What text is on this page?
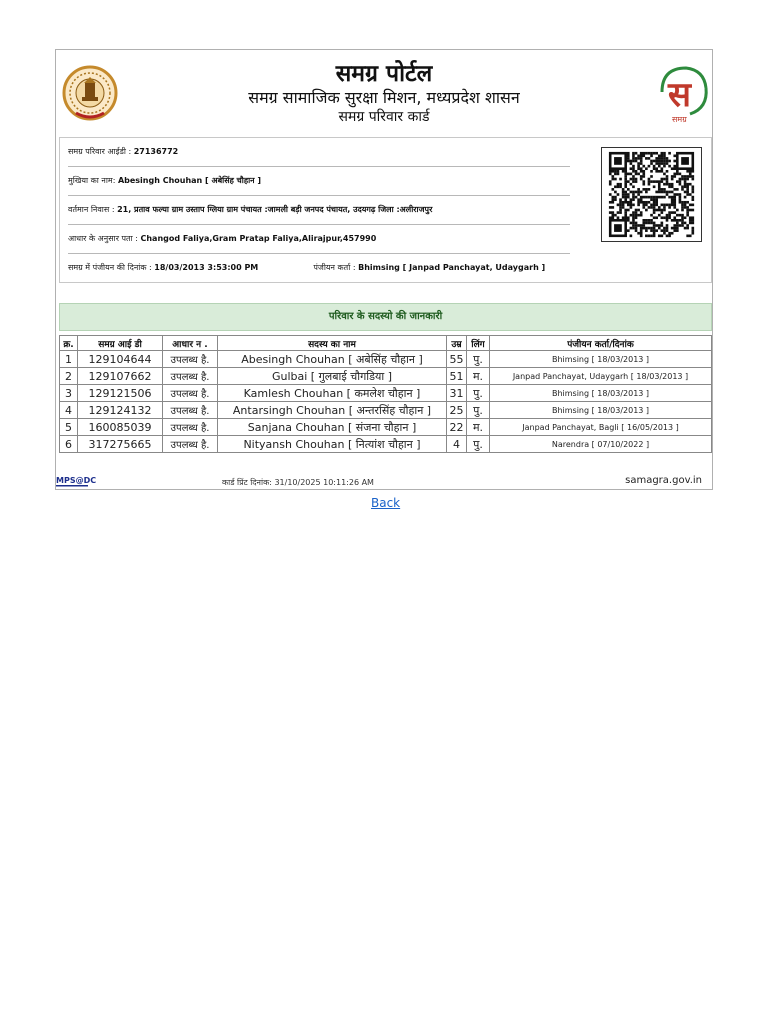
समग्र पोर्टल
समग्र सामाजिक सुरक्षा मिशन, मध्यप्रदेश शासन
समग्र परिवार कार्ड
स
समग्र
समग्र परिवार आईडी : 27136772
मुखिया का नाम: Abesingh Chouhan [ अबेसिंह चौहान ]
वर्तमान निवास : 21, प्रताव फल्या ग्राम उस्ताप ग्लिया ग्राम पंचायत :जामली बड़ी जनपद पंचायत, उदयगढ़ जिला :अलीराजपुर
आधार के अनुसार पता : Changod Faliya,Gram Pratap Faliya,Alirajpur,457990
समग्र में पंजीयन की दिनांक : 18/03/2013 3:53:00 PM	पंजीयन कर्ता : Bhimsing [ Janpad Panchayat, Udaygarh ]
परिवार के सदस्यो की जानकारी
क्र.	समग्र आई डी	आधार न .	सदस्य का नाम	उम्र	लिंग	पंजीयन कर्ता/दिनांक
1	129104644	उपलब्ध है.	Abesingh Chouhan [ अबेसिंह चौहान ]	55	पु.	Bhimsing [ 18/03/2013 ]
2	129107662	उपलब्ध है.	Gulbai [ गुलबाई चौगडिया ]	51	म.	Janpad Panchayat, Udaygarh [ 18/03/2013 ]
3	129121506	उपलब्ध है.	Kamlesh Chouhan [ कमलेश चौहान ]	31	पु.	Bhimsing [ 18/03/2013 ]
4	129124132	उपलब्ध है.	Antarsingh Chouhan [ अन्तरसिंह चौहान ]	25	पु.	Bhimsing [ 18/03/2013 ]
5	160085039	उपलब्ध है.	Sanjana Chouhan [ संजना चौहान ]	22	म.	Janpad Panchayat, Bagli [ 16/05/2013 ]
6	317275665	उपलब्ध है.	Nityansh Chouhan [ नित्यांश चौहान ]	4	पु.	Narendra [ 07/10/2022 ]
MPS@DC	कार्ड प्रिंट दिनांक: 31/10/2025 10:11:26 AM	samagra.gov.in
Back
